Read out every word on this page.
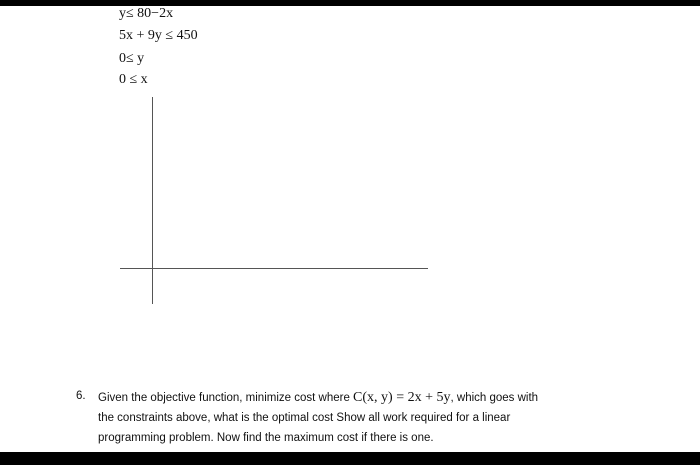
y≤ 80−2x
5x + 9y ≤ 450
0≤ y
0 ≤ x
6. Given the objective function, minimize cost where C(x, y) = 2x + 5y, which goes with
the constraints above, what is the optimal cost Show all work required for a linear
programming problem. Now find the maximum cost if there is one.
